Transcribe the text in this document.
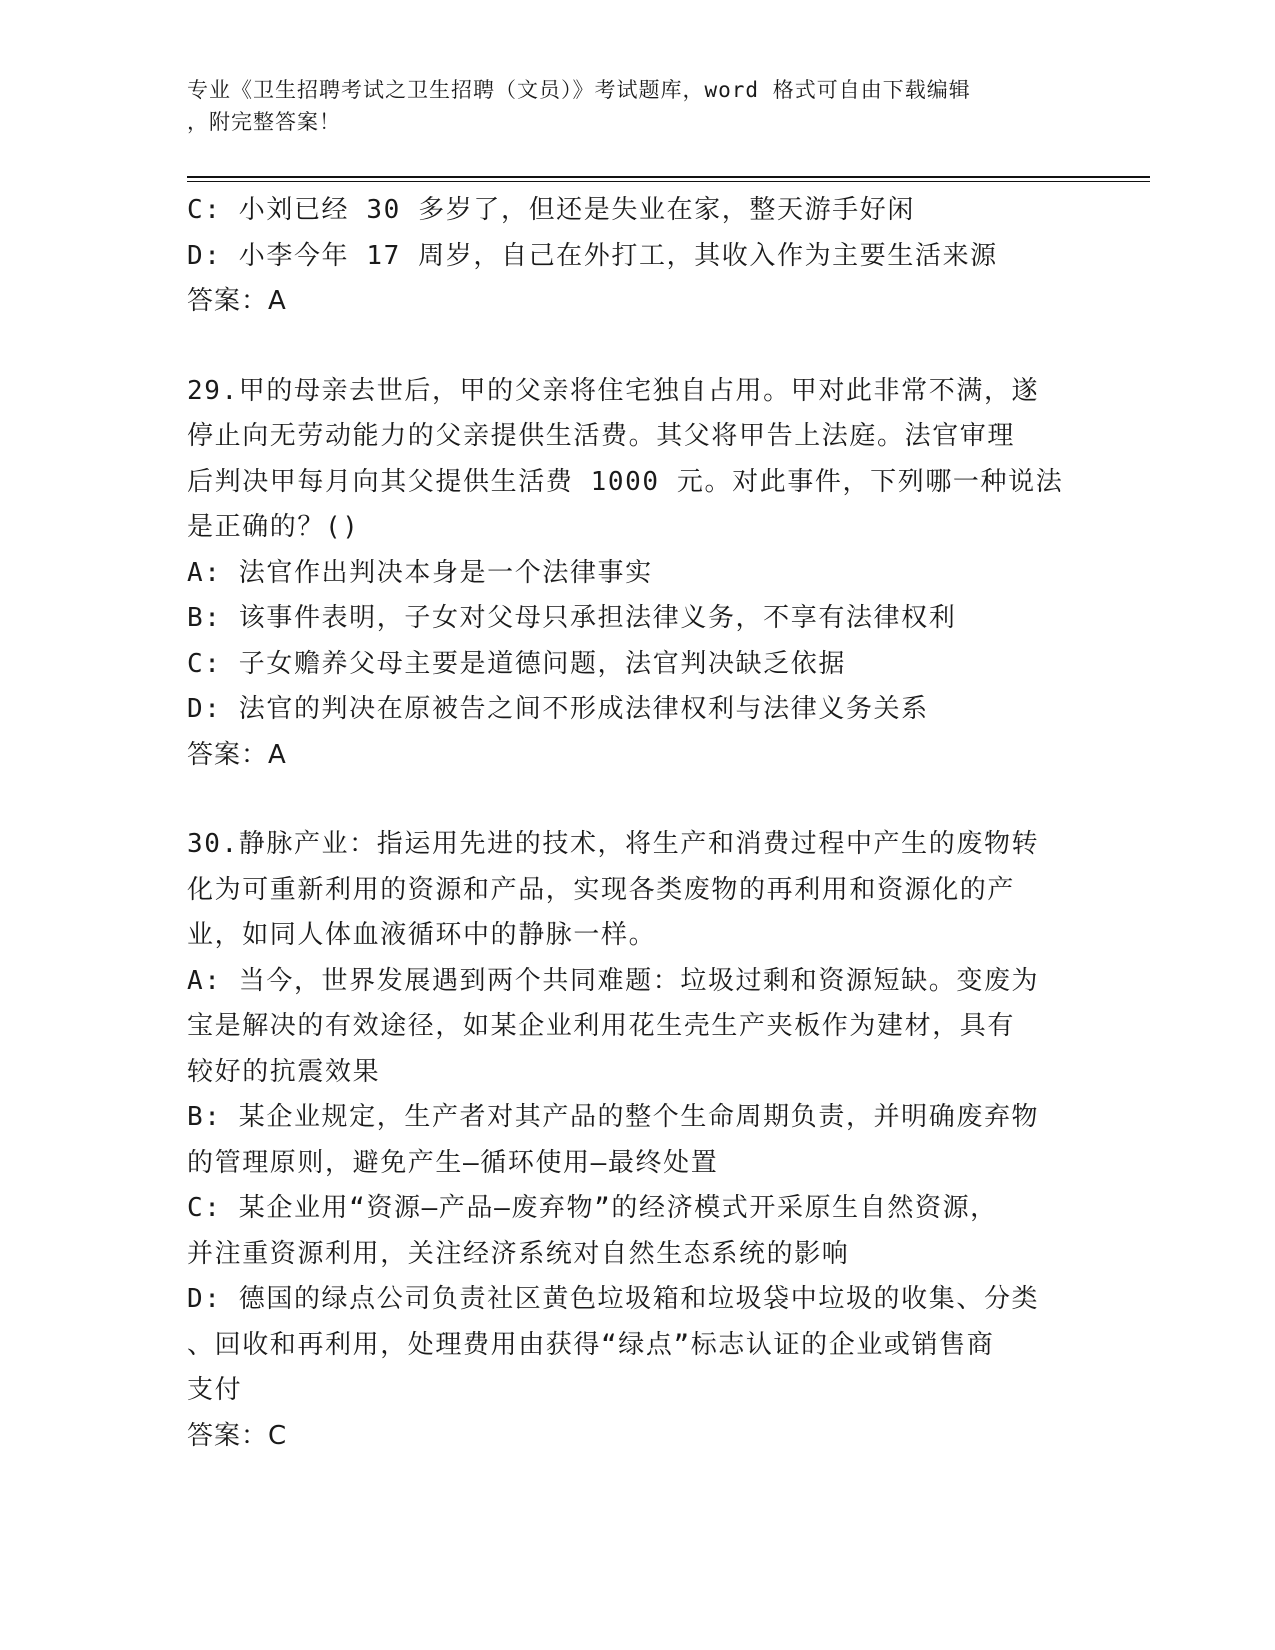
专业《卫生招聘考试之卫生招聘（文员）》考试题库，word 格式可自由下载编辑
，附完整答案！
C: 小刘已经 30 多岁了，但还是失业在家，整天游手好闲
D: 小李今年 17 周岁，自己在外打工，其收入作为主要生活来源
答案：A
29.甲的母亲去世后，甲的父亲将住宅独自占用。甲对此非常不满，遂
停止向无劳动能力的父亲提供生活费。其父将甲告上法庭。法官审理
后判决甲每月向其父提供生活费 1000 元。对此事件，下列哪一种说法
是正确的？()
A: 法官作出判决本身是一个法律事实
B: 该事件表明，子女对父母只承担法律义务，不享有法律权利
C: 子女赡养父母主要是道德问题，法官判决缺乏依据
D: 法官的判决在原被告之间不形成法律权利与法律义务关系
答案：A
30.静脉产业：指运用先进的技术，将生产和消费过程中产生的废物转
化为可重新利用的资源和产品，实现各类废物的再利用和资源化的产
业，如同人体血液循环中的静脉一样。
A: 当今，世界发展遇到两个共同难题：垃圾过剩和资源短缺。变废为
宝是解决的有效途径，如某企业利用花生壳生产夹板作为建材，具有
较好的抗震效果
B: 某企业规定，生产者对其产品的整个生命周期负责，并明确废弃物
的管理原则，避免产生—循环使用—最终处置
C: 某企业用“资源—产品—废弃物”的经济模式开采原生自然资源，
并注重资源利用，关注经济系统对自然生态系统的影响
D: 德国的绿点公司负责社区黄色垃圾箱和垃圾袋中垃圾的收集、分类
、回收和再利用，处理费用由获得“绿点”标志认证的企业或销售商
支付
答案：C
